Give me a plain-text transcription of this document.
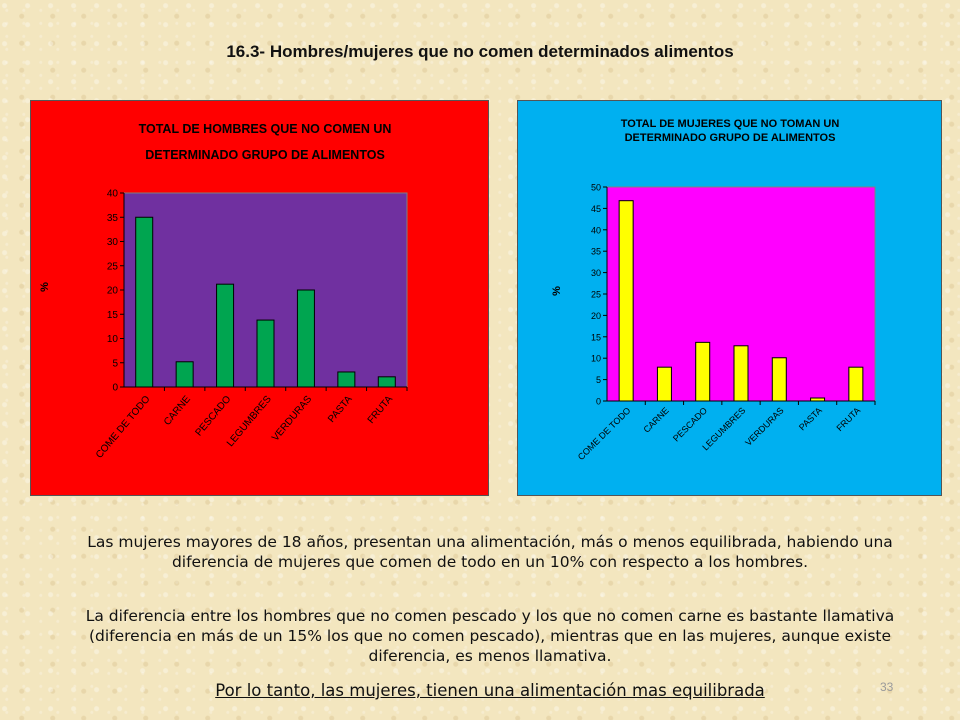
16.3- Hombres/mujeres que no comen determinados alimentos
TOTAL DE HOMBRES QUE NO COMEN UN
DETERMINADO GRUPO DE ALIMENTOS
0
5
10
15
20
25
30
35
40
%
COME DE TODO CARNE PESCADO
LEGUMBRES
VERDURAS PASTA FRUTA
TOTAL DE MUJERES QUE NO TOMAN UN
DETERMINADO GRUPO DE ALIMENTOS
0
5
10
15
20
25
30
35
40
45
50
%
COME DE TODO CARNE PESCADO
LEGUMBRES
VERDURAS PASTA FRUTA
Las mujeres mayores de 18 años, presentan una alimentación, más o menos equilibrada, habiendo una diferencia de mujeres que comen de todo en un 10% con respecto a los hombres.
La diferencia entre los hombres que no comen pescado y los que no comen carne es bastante llamativa (diferencia en más de un 15% los que no comen pescado), mientras que en las mujeres, aunque existe diferencia, es menos llamativa.
Por lo tanto, las mujeres, tienen una alimentación mas equilibrada	33
